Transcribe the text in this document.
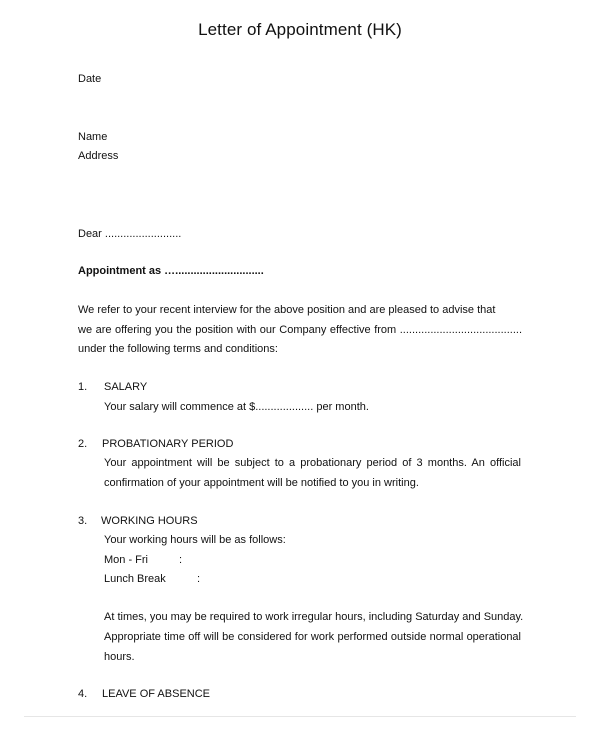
Letter of Appointment (HK)
Date
Name
Address
Dear .........................
Appointment as ….............................
We refer to your recent interview for the above position and are pleased to advise that
we are offering you the position with our Company effective from ........................................
under the following terms and conditions:
1. SALARY
Your salary will commence at $................... per month.
2. PROBATIONARY PERIOD
Your appointment will be subject to a probationary period of 3 months. An official
confirmation of your appointment will be notified to you in writing.
3. WORKING HOURS
Your working hours will be as follows:
Mon - Fri	:
Lunch Break	:
At times, you may be required to work irregular hours, including Saturday and Sunday.
Appropriate time off will be considered for work performed outside normal operational
hours.
4. LEAVE OF ABSENCE
